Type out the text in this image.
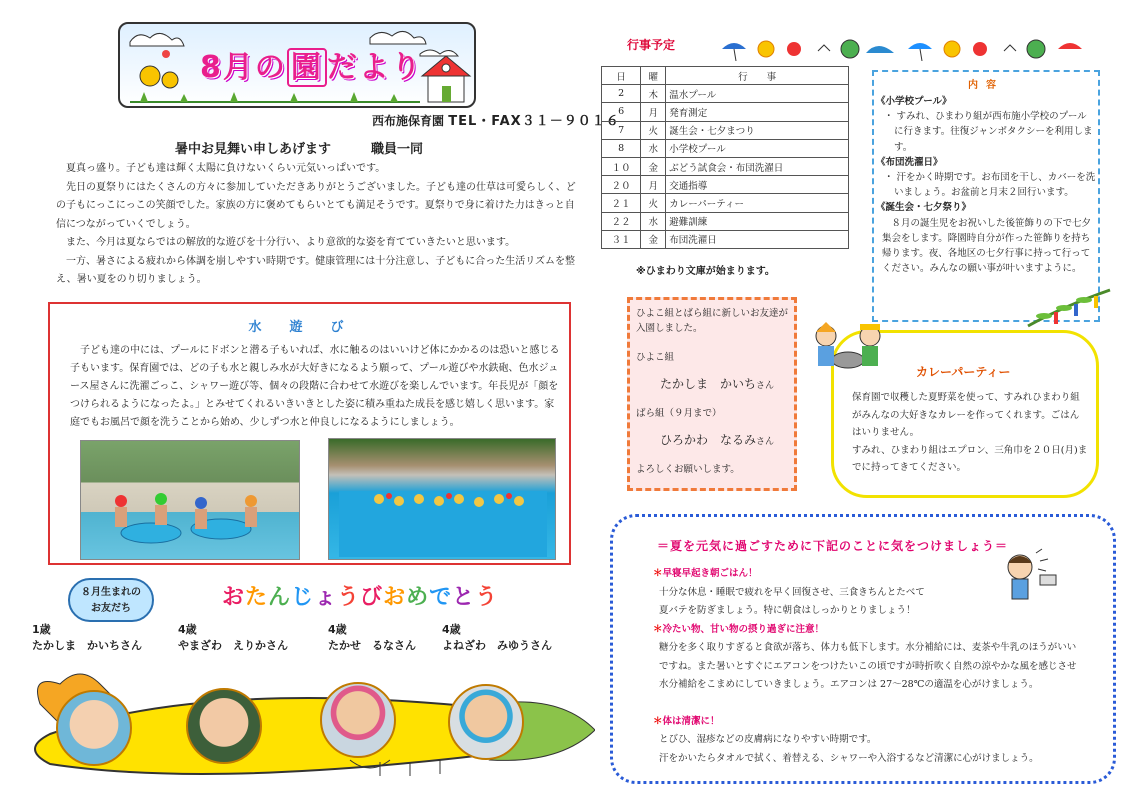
8月の 園 だより
西布施保育園 TEL・FAX３１－９０１６
暑中お見舞い申しあげます	職員一同

夏真っ盛り。子ども達は輝く太陽に負けないくらい元気いっぱいです。

先日の夏祭りにはたくさんの方々に参加していただきありがとうございました。子ども達の仕草は可愛らしく、どの子もにっこにっこの笑顔でした。家族の方に褒めてもらいとても満足そうです。夏祭りで身に着けた力はきっと自信につながっていくでしょう。

また、今月は夏ならではの解放的な遊びを十分行い、より意欲的な姿を育てていきたいと思います。

一方、暑さによる疲れから体調を崩しやすい時期です。健康管理には十分注意し、子どもに合った生活リズムを整え、暑い夏をのり切りましょう。

水遊び
子ども達の中には、プールにドボンと潜る子もいれば、水に触るのはいいけど体にかかるのは恐いと感じる子もいます。保育園では、どの子も水と親しみ水が大好きになるよう願って、プール遊びや水鉄砲、色水ジュース屋さんに洗濯ごっこ、シャワー遊び等、個々の段階に合わせて水遊びを楽しんでいます。年長児が「顔をつけられるようになったよ。」とみせてくれるいきいきとした姿に積み重ねた成長を感じ嬉しく思います。家庭でもお風呂で顔を洗うことから始め、少しずつ水と仲良しになるようにしましょう。
８月生まれの
お友だち	おたんじょうびおめでとう
1歳
たかしま　かいちさん
4歳
やまざわ　えりかさん
4歳
たかせ　るなさん
4歳
よねざわ　みゆうさん
行事予定
日	曜	行　　事
2	木	温水プール
6	月	発育測定
7	火	誕生会・七夕まつり
8	水	小学校プール
１０	金	ぶどう試食会・布団洗濯日
２０	月	交通指導
２１	火	カレーパーティー
２２	水	避難訓練
３１	金	布団洗濯日
※ひまわり文庫が始まります。
内容
《小学校プール》
・ すみれ、ひまわり組が西布施小学校のプールに行きます。往復ジャンボタクシーを利用します。
《布団洗濯日》
・ 汗をかく時期です。お布団を干し、カバーを洗いましょう。お盆前と月末２回行います。
《誕生会・七夕祭り》
８月の誕生児をお祝いした後笹飾りの下で七夕集会をします。降園時自分が作った笹飾りを持ち帰ります。夜、各地区の七夕行事に持って行ってください。みんなの願い事が叶いますように。
ひよこ組とばら組に新しいお友達が入園しました。
ひよこ組
たかしま　かいちさん
ばら組（９月まで）
ひろかわ　なるみさん
よろしくお願いします。
カレーパーティー
保育園で収穫した夏野菜を使って、すみれひまわり組がみんなの大好きなカレーを作ってくれます。ごはんはいりません。
すみれ、ひまわり組はエプロン、三角巾を２０日(月)までに持ってきてください。
＝夏を元気に過ごすために下記のことに気をつけましょう＝
＊早寝早起き朝ごはん！
十分な休息・睡眠で疲れを早く回復させ、三食きちんとたべて
夏バテを防ぎましょう。特に朝食はしっかりとりましょう！
＊冷たい物、甘い物の摂り過ぎに注意！
糖分を多く取りすぎると食欲が落ち、体力も低下します。水分補給には、麦茶や牛乳のほうがいいですね。また暑いとすぐにエアコンをつけたいこの頃ですが時折吹く自然の涼やかな風を感じさせ水分補給をこまめにしていきましょう。エアコンは 27～28℃の適温を心がけましょう。
＊体は清潔に！
とびひ、湿疹などの皮膚病になりやすい時期です。
汗をかいたらタオルで拭く、着替える、シャワーや入浴するなど清潔に心がけましょう。
